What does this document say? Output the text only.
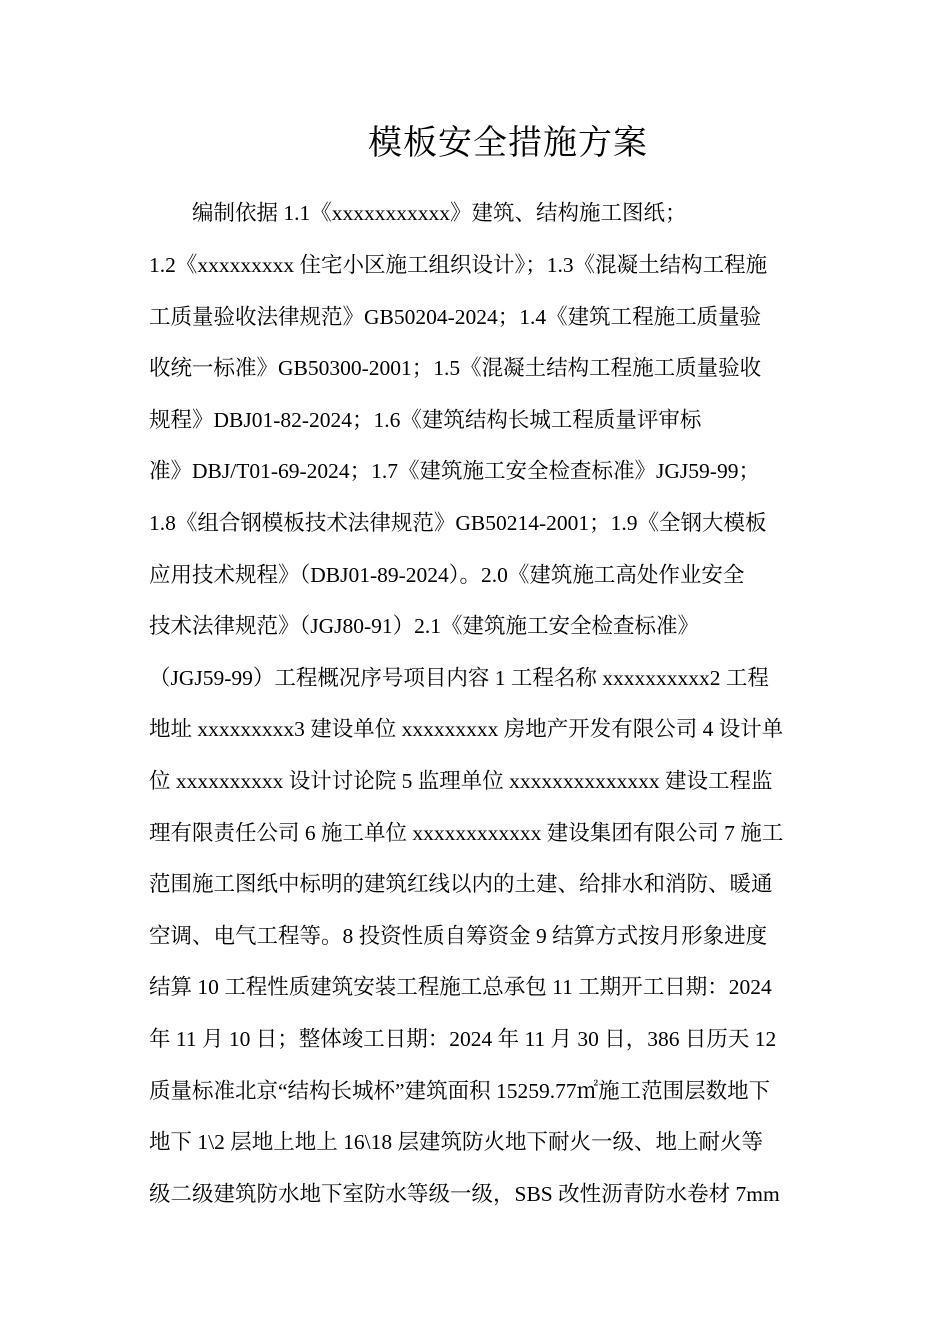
模板安全措施方案

编制依据 1.1《xxxxxxxxxxx》建筑、结构施工图纸；

1.2《xxxxxxxxx 住宅小区施工组织设计》；1.3《混凝土结构工程施

工质量验收法律规范》GB50204-2024；1.4《建筑工程施工质量验

收统一标准》GB50300-2001；1.5《混凝土结构工程施工质量验收

规程》DBJ01-82-2024；1.6《建筑结构长城工程质量评审标

准》DBJ/T01-69-2024；1.7《建筑施工安全检查标准》JGJ59-99；

1.8《组合钢模板技术法律规范》GB50214-2001；1.9《全钢大模板

应用技术规程》（DBJ01-89-2024）。2.0《建筑施工高处作业安全

技术法律规范》（JGJ80-91）2.1《建筑施工安全检查标准》

（JGJ59-99）工程概况序号项目内容 1 工程名称 xxxxxxxxxx2 工程

地址 xxxxxxxxx3 建设单位 xxxxxxxxx 房地产开发有限公司 4 设计单

位 xxxxxxxxxx 设计讨论院 5 监理单位 xxxxxxxxxxxxxx 建设工程监

理有限责任公司 6 施工单位 xxxxxxxxxxxx 建设集团有限公司 7 施工

范围施工图纸中标明的建筑红线以内的土建、给排水和消防、暖通

空调、电气工程等。8 投资性质自筹资金 9 结算方式按月形象进度

结算 10 工程性质建筑安装工程施工总承包 11 工期开工日期：2024

年 11 月 10 日；整体竣工日期：2024 年 11 月 30 日，386 日历天 12

质量标准北京“结构长城杯”建筑面积 15259.77㎡施工范围层数地下

地下 1\2 层地上地上 16\18 层建筑防火地下耐火一级、地上耐火等

级二级建筑防水地下室防水等级一级，SBS 改性沥青防水卷材 7mm
